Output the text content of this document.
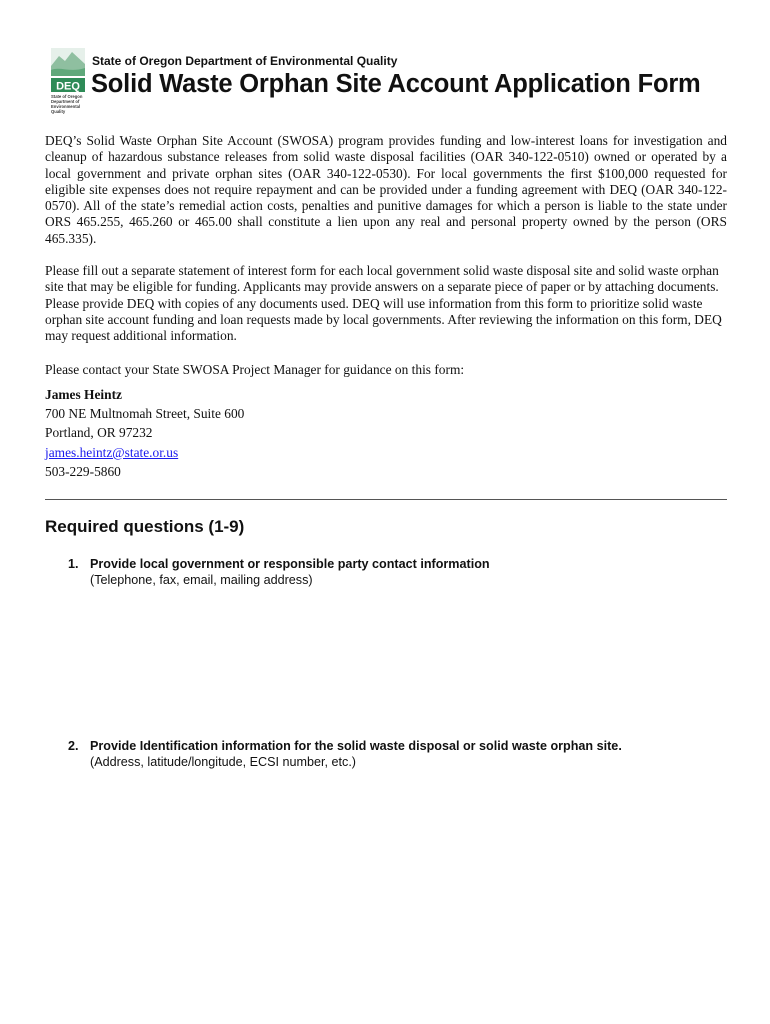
DEQ
State of Oregon
Department of
Environmental
Quality
State of Oregon Department of Environmental Quality
Solid Waste Orphan Site Account Application Form

DEQ’s Solid Waste Orphan Site Account (SWOSA) program provides funding and low-interest loans for investigation and cleanup of hazardous substance releases from solid waste disposal facilities (OAR 340-122-0510) owned or operated by a local government and private orphan sites (OAR 340-122-0530). For local governments the first $100,000 requested for eligible site expenses does not require repayment and can be provided under a funding agreement with DEQ (OAR 340-122-0570). All of the state’s remedial action costs, penalties and punitive damages for which a person is liable to the state under ORS 465.255, 465.260 or 465.00 shall constitute a lien upon any real and personal property owned by the person (ORS 465.335).

Please fill out a separate statement of interest form for each local government solid waste disposal site and solid waste orphan site that may be eligible for funding. Applicants may provide answers on a separate piece of paper or by attaching documents. Please provide DEQ with copies of any documents used. DEQ will use information from this form to prioritize solid waste orphan site account funding and loan requests made by local governments. After reviewing the information on this form, DEQ may request additional information.

Please contact your State SWOSA Project Manager for guidance on this form:

James Heintz
700 NE Multnomah Street, Suite 600
Portland, OR 97232
james.heintz@state.or.us
503-229-5860
Required questions (1-9)
1. Provide local government or responsible party contact information
(Telephone, fax, email, mailing address)
2. Provide Identification information for the solid waste disposal or solid waste orphan site.
(Address, latitude/longitude, ECSI number, etc.)
